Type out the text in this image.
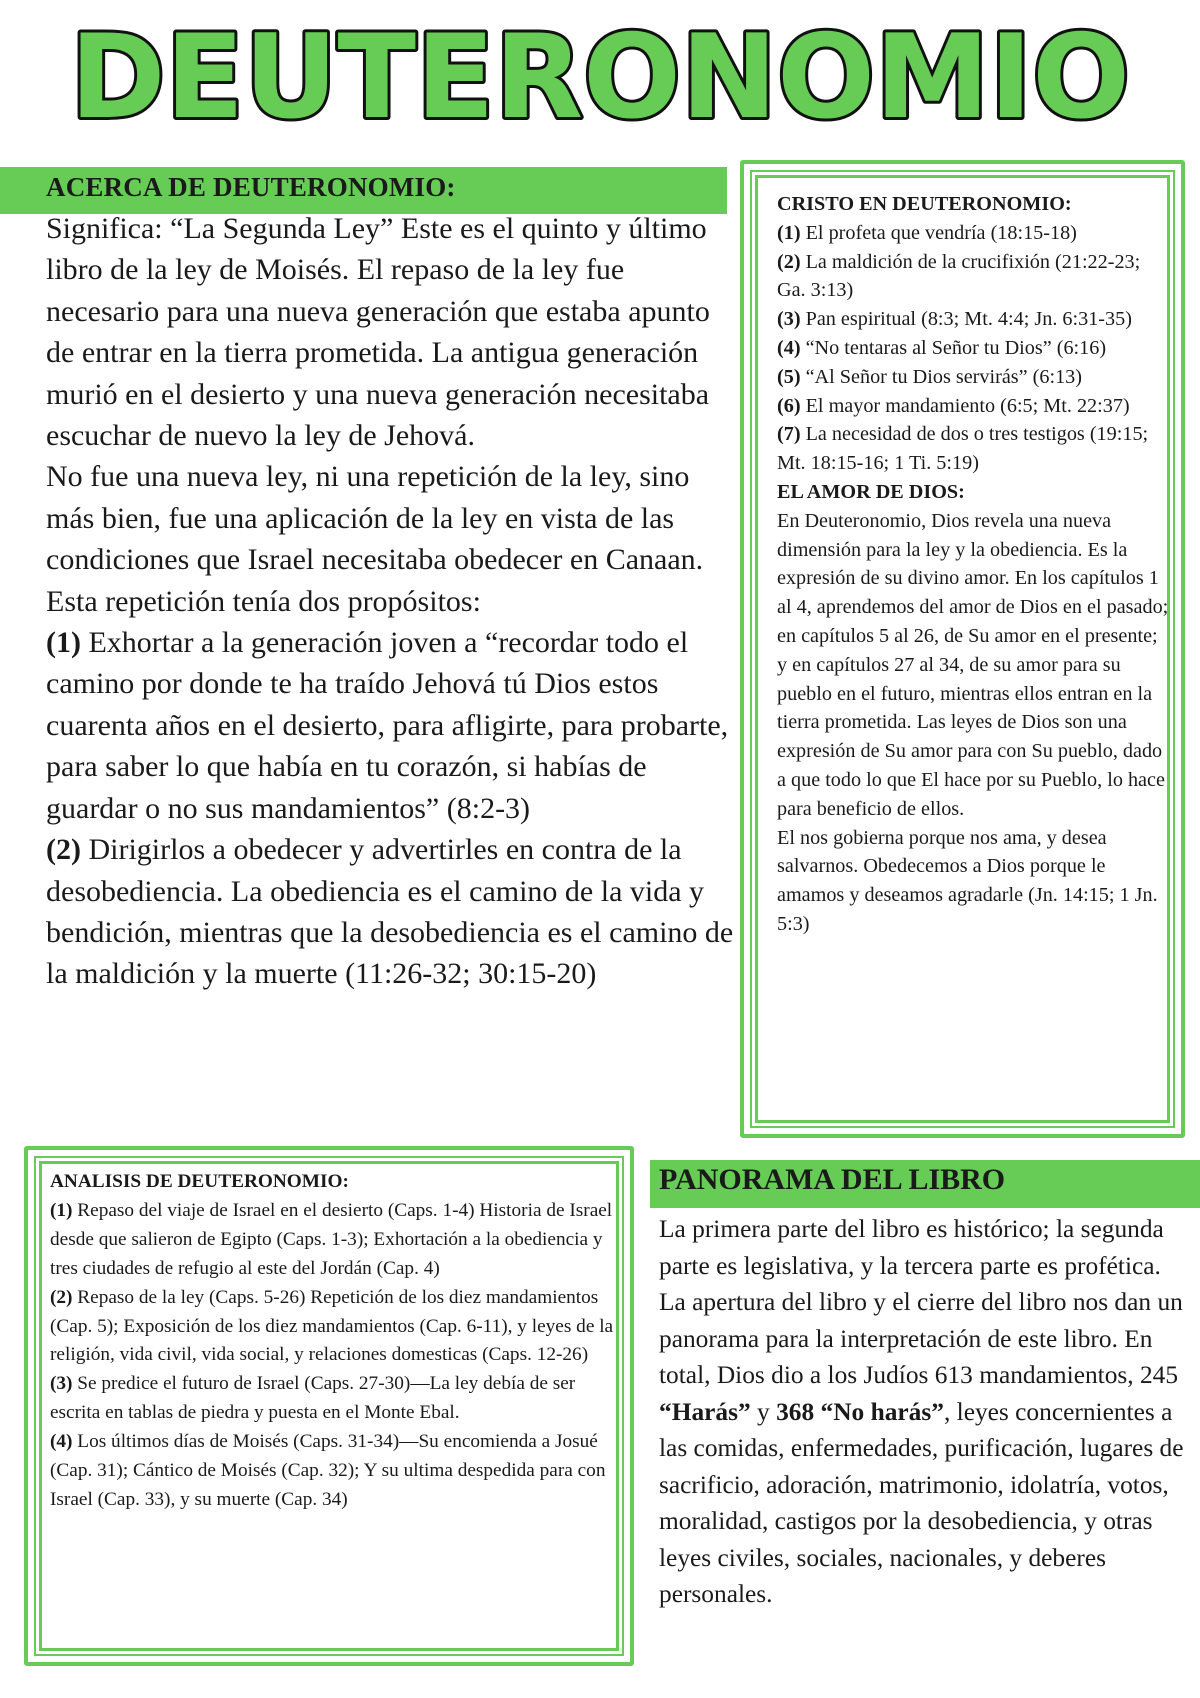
DEUTERONOMIO
ACERCA DE DEUTERONOMIO:

Significa: “La Segunda Ley” Este es el quinto y último libro de la ley de Moisés. El repaso de la ley fue necesario para una nueva generación que estaba apunto de entrar en la tierra prometida. La antigua generación murió en el desierto y una nueva generación necesitaba escuchar de nuevo la ley de Jehová.

No fue una nueva ley, ni una repetición de la ley, sino más bien, fue una aplicación de la ley en vista de las condiciones que Israel necesitaba obedecer en Canaan.

Esta repetición tenía dos propósitos:

(1) Exhortar a la generación joven a “recordar todo el camino por donde te ha traído Jehová tú Dios estos cuarenta años en el desierto, para afligirte, para probarte, para saber lo que había en tu corazón, si habías de guardar o no sus mandamientos” (8:2-3)

(2) Dirigirlos a obedecer y advertirles en contra de la desobediencia. La obediencia es el camino de la vida y bendición, mientras que la desobediencia es el camino de la maldición y la muerte (11:26-32; 30:15-20)

CRISTO EN DEUTERONOMIO:

(1) El profeta que vendría (18:15-18)

(2) La maldición de la crucifixión (21:22-23; Ga. 3:13)

(3) Pan espiritual (8:3; Mt. 4:4; Jn. 6:31-35)

(4) “No tentaras al Señor tu Dios” (6:16)

(5) “Al Señor tu Dios servirás” (6:13)

(6) El mayor mandamiento (6:5; Mt. 22:37)

(7) La necesidad de dos o tres testigos (19:15; Mt. 18:15-16; 1 Ti. 5:19)

EL AMOR DE DIOS:

En Deuteronomio, Dios revela una nueva dimensión para la ley y la obediencia. Es la expresión de su divino amor. En los capítulos 1 al 4, aprendemos del amor de Dios en el pasado; en capítulos 5 al 26, de Su amor en el presente; y en capítulos 27 al 34, de su amor para su pueblo en el futuro, mientras ellos entran en la tierra prometida. Las leyes de Dios son una expresión de Su amor para con Su pueblo, dado a que todo lo que El hace por su Pueblo, lo hace para beneficio de ellos.

El nos gobierna porque nos ama, y desea salvarnos. Obedecemos a Dios porque le amamos y deseamos agradarle (Jn. 14:15; 1 Jn. 5:3)

ANALISIS DE DEUTERONOMIO:

(1) Repaso del viaje de Israel en el desierto (Caps. 1-4) Historia de Israel desde que salieron de Egipto (Caps. 1-3); Exhortación a la obediencia y tres ciudades de refugio al este del Jordán (Cap. 4)

(2) Repaso de la ley (Caps. 5-26) Repetición de los diez mandamientos (Cap. 5); Exposición de los diez mandamientos (Cap. 6-11), y leyes de la religión, vida civil, vida social, y relaciones domesticas (Caps. 12-26)

(3) Se predice el futuro de Israel (Caps. 27-30)—La ley debía de ser escrita en tablas de piedra y puesta en el Monte Ebal.

(4) Los últimos días de Moisés (Caps. 31-34)—Su encomienda a Josué (Cap. 31); Cántico de Moisés (Cap. 32); Y su ultima despedida para con Israel (Cap. 33), y su muerte (Cap. 34)

PANORAMA DEL LIBRO

La primera parte del libro es histórico; la segunda parte es legislativa, y la tercera parte es profética. La apertura del libro y el cierre del libro nos dan un panorama para la interpretación de este libro. En total, Dios dio a los Judíos 613 mandamientos, 245 “Harás” y 368 “No harás”, leyes concernientes a las comidas, enfermedades, purificación, lugares de sacrificio, adoración, matrimonio, idolatría, votos, moralidad, castigos por la desobediencia, y otras leyes civiles, sociales, nacionales, y deberes personales.
